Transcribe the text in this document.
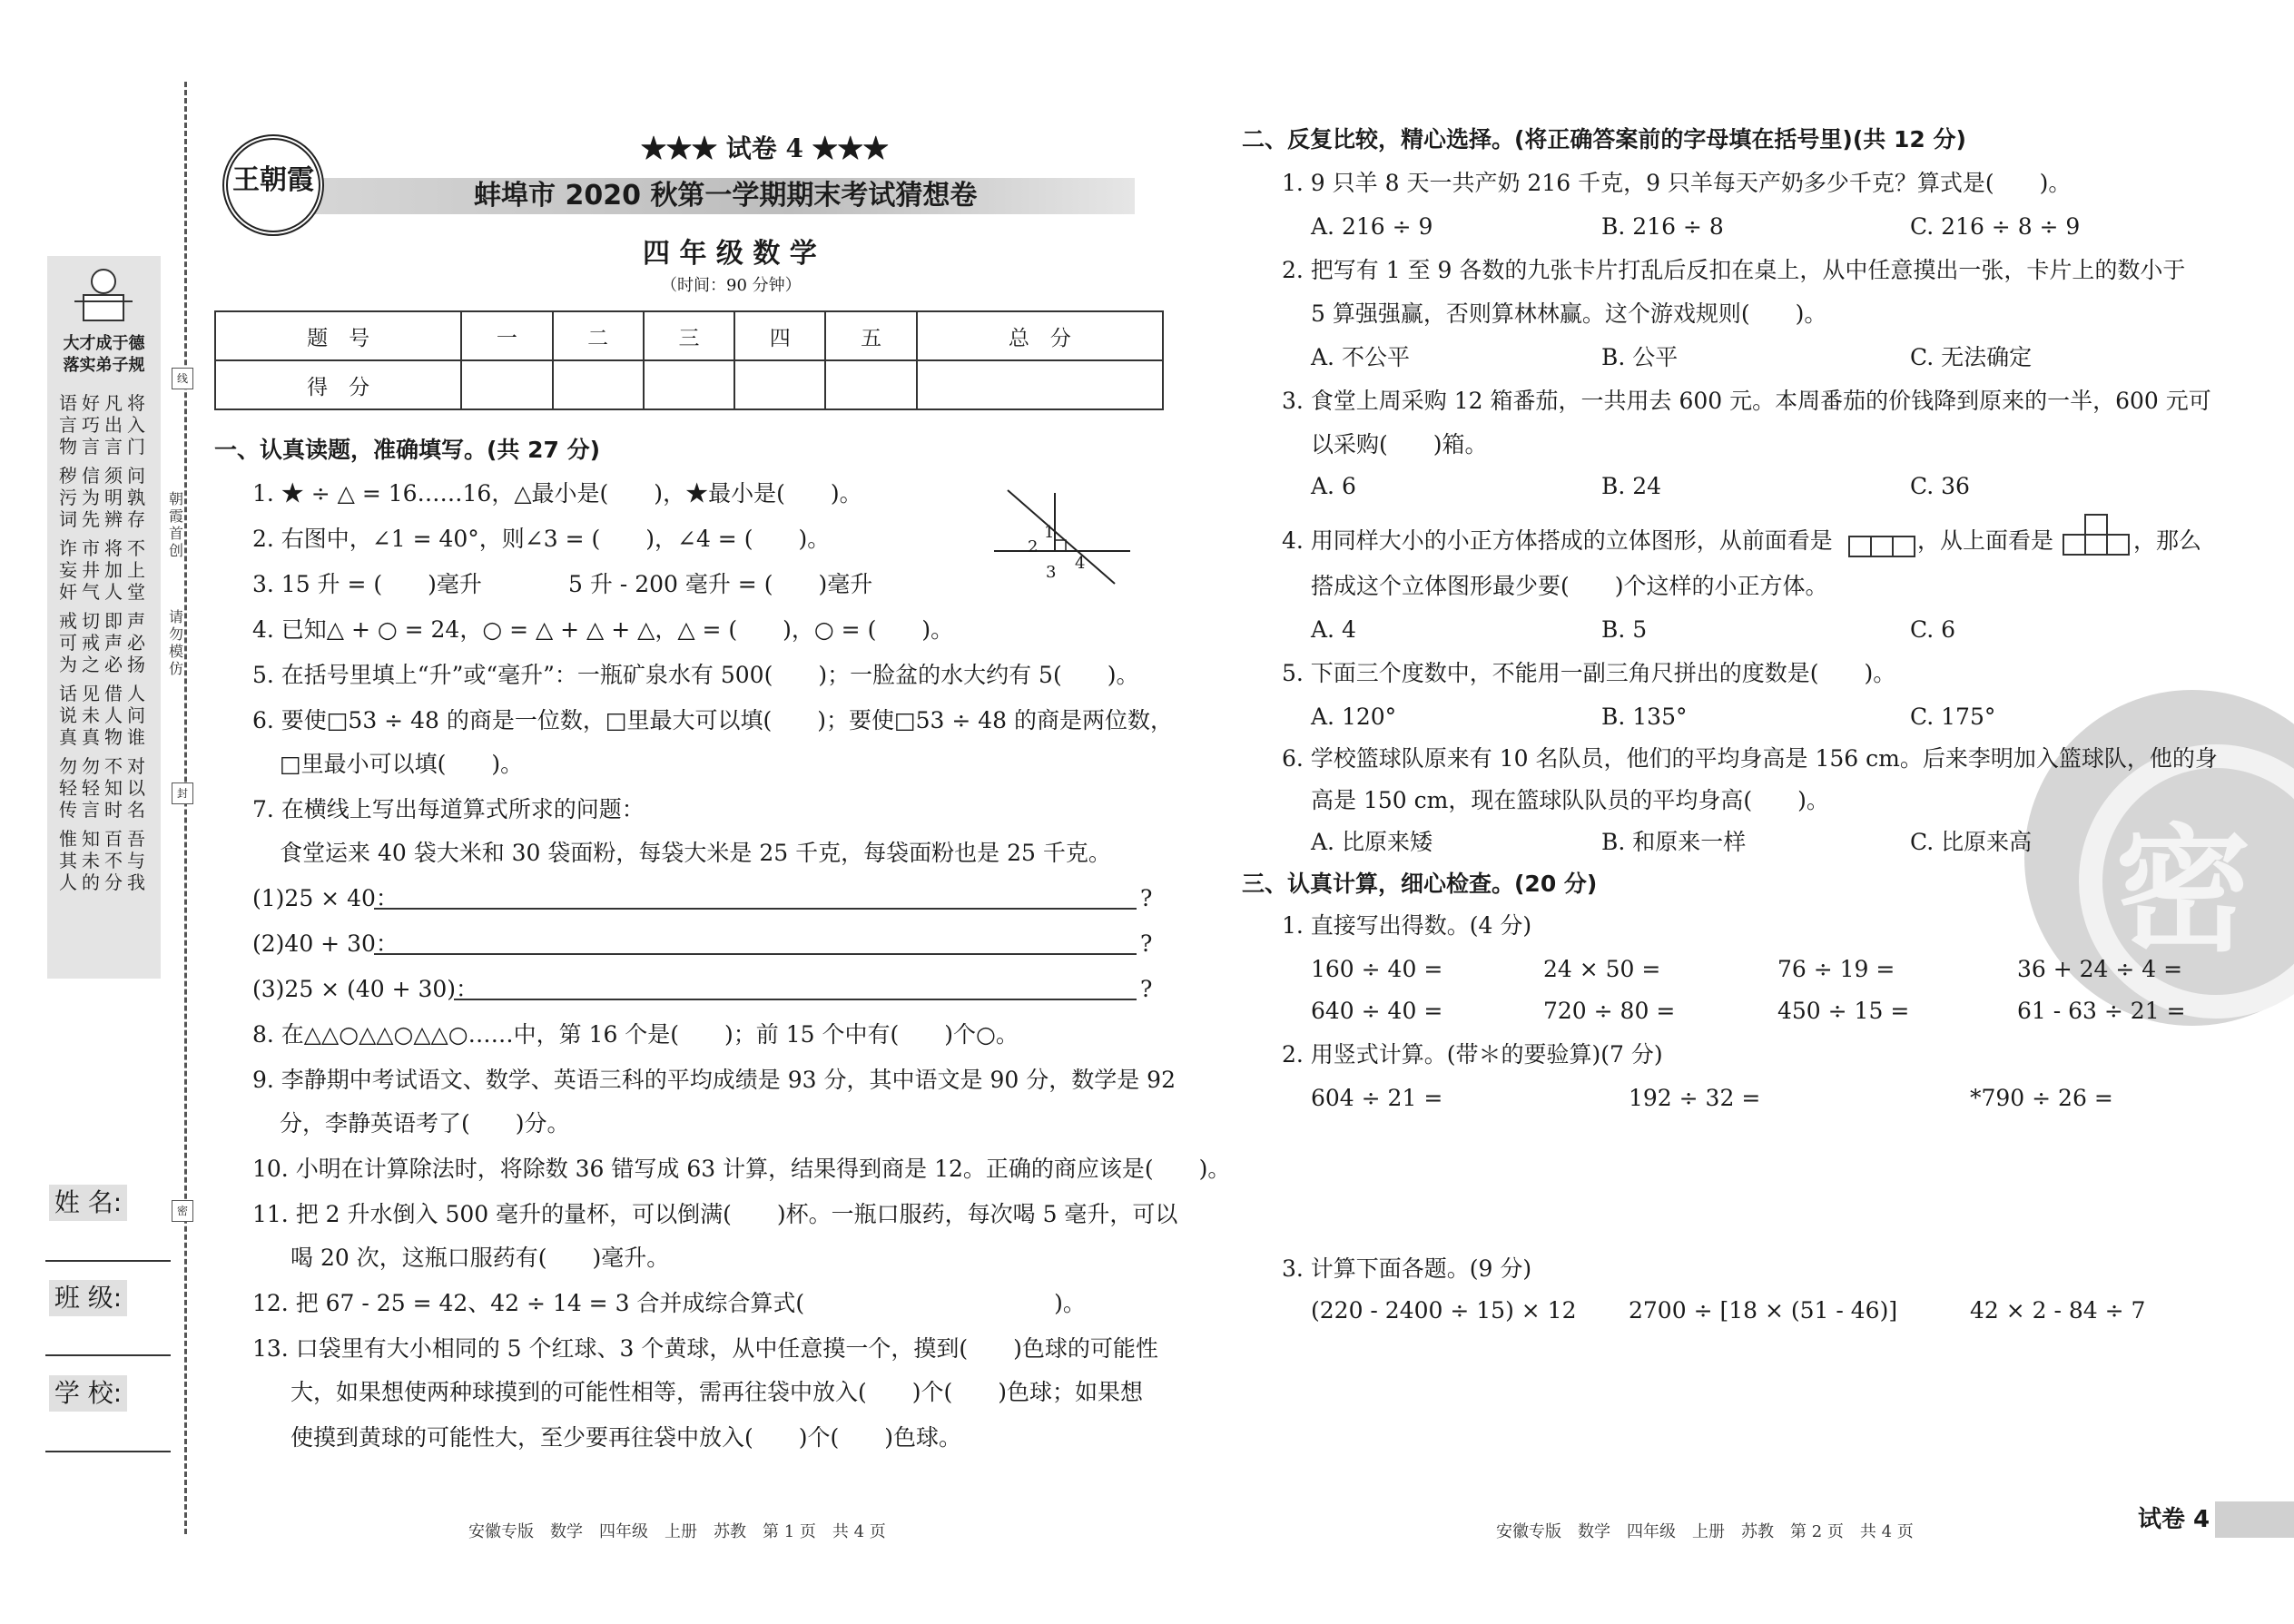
大才成于德
落实弟子规
将入门
凡出言
好巧言
语言物
问孰存
须明辨
信为先
秽污词
不上堂
将加人
市井气
诈妄奸
声必扬
即声必
切戒之
戒可为
人问谁
借人物
见未真
话说真
对以名
不知时
勿轻言
勿轻传
吾与我
百不分
知未的
惟其人
朝霞首创
请勿模仿
线
封
密
姓 名:
班 级:
学 校:
王朝霞
★★★ 试卷 4 ★★★
蚌埠市 2020 秋第一学期期末考试猜想卷
四 年 级 数 学
（时间：90 分钟）
题　号	一	二	三	四	五	总　分
得　分						
一、认真读题，准确填写。(共 27 分)
1. ★ ÷ △ = 16……16，△最小是(　　)，★最小是(　　)。
2. 右图中，∠1 = 40°，则∠3 = (　　)，∠4 = (　　)。	1
2
3 4
3. 15 升 = (　　)毫升	5 升 - 200 毫升 = (　　)毫升
4. 已知△ + ○ = 24，○ = △ + △ + △，△ = (　　)，○ = (　　)。
5. 在括号里填上“升”或“毫升”：一瓶矿泉水有 500(　　)；一脸盆的水大约有 5(　　)。
6. 要使□53 ÷ 48 的商是一位数，□里最大可以填(　　)；要使□53 ÷ 48 的商是两位数，
□里最小可以填(　　)。
7. 在横线上写出每道算式所求的问题：
食堂运来 40 袋大米和 30 袋面粉，每袋大米是 25 千克，每袋面粉也是 25 千克。
(1)25 × 40：	?
(2)40 + 30：	?
(3)25 × (40 + 30)：	?
8. 在△△○△△○△△○……中，第 16 个是(　　)；前 15 个中有(　　)个○。
9. 李静期中考试语文、数学、英语三科的平均成绩是 93 分，其中语文是 90 分，数学是 92
分，李静英语考了(　　)分。
10. 小明在计算除法时，将除数 36 错写成 63 计算，结果得到商是 12。正确的商应该是(　　)。
11. 把 2 升水倒入 500 毫升的量杯，可以倒满(　　)杯。一瓶口服药，每次喝 5 毫升，可以
喝 20 次，这瓶口服药有(　　)毫升。
12. 把 67 - 25 = 42、42 ÷ 14 = 3 合并成综合算式(　　　　　　　　　　　)。
13. 口袋里有大小相同的 5 个红球、3 个黄球，从中任意摸一个，摸到(　　)色球的可能性
大，如果想使两种球摸到的可能性相等，需再往袋中放入(　　)个(　　)色球；如果想
使摸到黄球的可能性大，至少要再往袋中放入(　　)个(　　)色球。
安徽专版　数学　四年级　上册　苏教　第 1 页　共 4 页
密
二、反复比较，精心选择。(将正确答案前的字母填在括号里)(共 12 分)
1. 9 只羊 8 天一共产奶 216 千克，9 只羊每天产奶多少千克？算式是(　　)。
A. 216 ÷ 9	B. 216 ÷ 8	C. 216 ÷ 8 ÷ 9
2. 把写有 1 至 9 各数的九张卡片打乱后反扣在桌上，从中任意摸出一张，卡片上的数小于
5 算强强赢，否则算林林赢。这个游戏规则(　　)。
A. 不公平	B. 公平	C. 无法确定
3. 食堂上周采购 12 箱番茄，一共用去 600 元。本周番茄的价钱降到原来的一半，600 元可
以采购(　　)箱。
A. 6	B. 24	C. 36
4. 用同样大小的小正方体搭成的立体图形，从前面看是	，从上面看是	，那么
搭成这个立体图形最少要(　　)个这样的小正方体。
A. 4	B. 5	C. 6
5. 下面三个度数中，不能用一副三角尺拼出的度数是(　　)。
A. 120°	B. 135°	C. 175°
6. 学校篮球队原来有 10 名队员，他们的平均身高是 156 cm。后来李明加入篮球队，他的身
高是 150 cm，现在篮球队队员的平均身高(　　)。
A. 比原来矮	B. 和原来一样	C. 比原来高
三、认真计算，细心检查。(20 分)
1. 直接写出得数。(4 分)
160 ÷ 40 =	24 × 50 =	76 ÷ 19 =	36 + 24 ÷ 4 =
640 ÷ 40 =	720 ÷ 80 =	450 ÷ 15 =	61 - 63 ÷ 21 =
2. 用竖式计算。(带＊的要验算)(7 分)
604 ÷ 21 =	192 ÷ 32 =	*790 ÷ 26 =
3. 计算下面各题。(9 分)
(220 - 2400 ÷ 15) × 12 2700 ÷ [18 × (51 - 46)]	42 × 2 - 84 ÷ 7
安徽专版　数学　四年级　上册　苏教　第 2 页　共 4 页	试卷 4
